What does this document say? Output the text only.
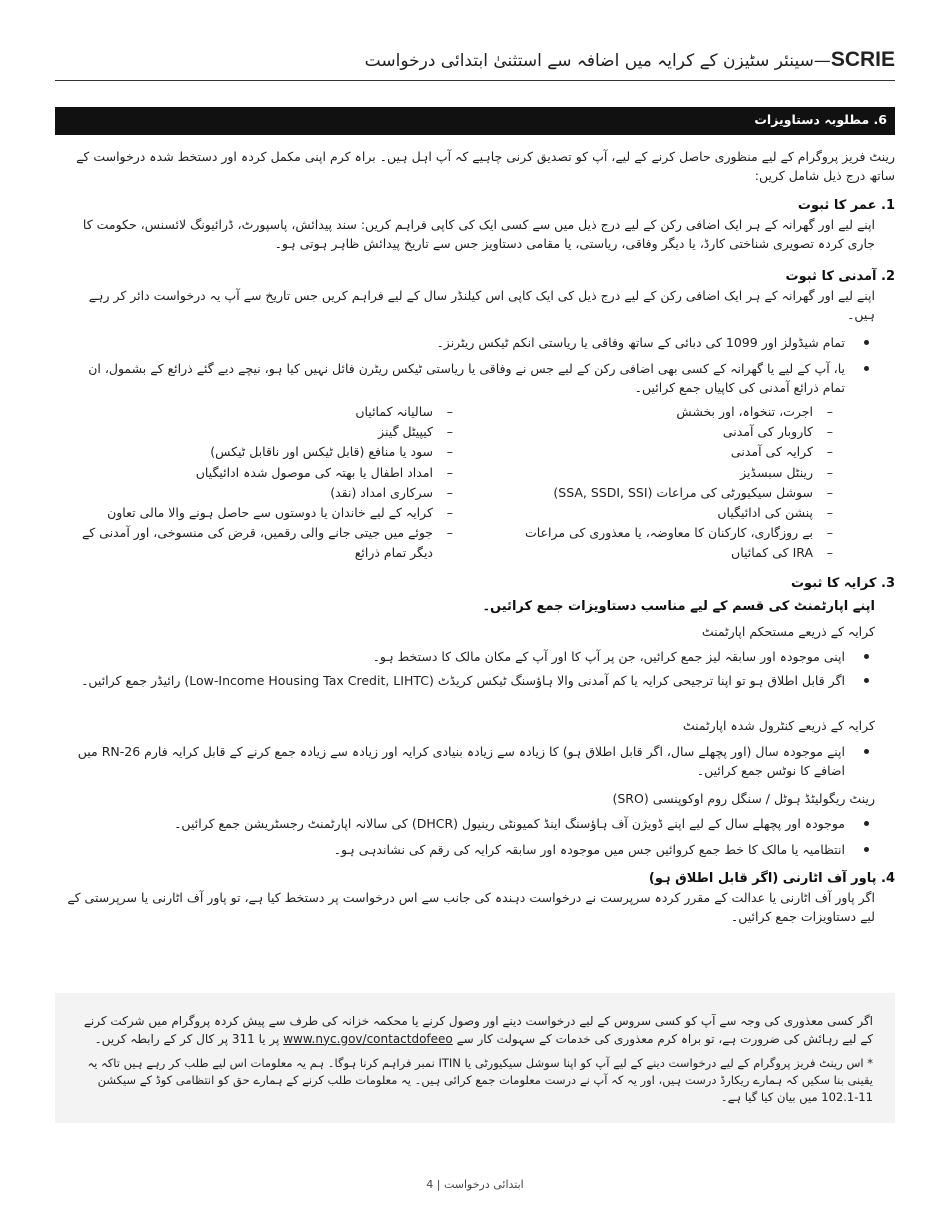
SCRIE—سینئر سٹیزن کے کرایہ میں اضافہ سے استثنیٰ ابتدائی درخواست
6. مطلوبہ دستاویزات
رینٹ فریز پروگرام کے لیے منظوری حاصل کرنے کے لیے، آپ کو تصدیق کرنی چاہیے کہ آپ اہل ہیں۔ براہ کرم اپنی مکمل کردہ اور دستخط شدہ درخواست کے ساتھ درج ذیل شامل کریں:
1. عمر کا ثبوت
اپنے لیے اور گھرانہ کے ہر ایک اضافی رکن کے لیے درج ذیل میں سے کسی ایک کی کاپی فراہم کریں: سند پیدائش، پاسپورٹ، ڈرائیونگ لائسنس، حکومت کا جاری کردہ تصویری شناختی کارڈ، یا دیگر وفاقی، ریاستی، یا مقامی دستاویز جس سے تاریخ پیدائش ظاہر ہوتی ہو۔
2. آمدنی کا ثبوت
اپنے لیے اور گھرانہ کے ہر ایک اضافی رکن کے لیے درج ذیل کی ایک کاپی اس کیلنڈر سال کے لیے فراہم کریں جس تاریخ سے آپ یہ درخواست دائر کر رہے ہیں۔
تمام شیڈولز اور 1099 کی دبائی کے ساتھ وفاقی یا ریاستی انکم ٹیکس ریٹرنز۔
یا، آپ کے لیے یا گھرانہ کے کسی بھی اضافی رکن کے لیے جس نے وفاقی یا ریاستی ٹیکس ریٹرن فائل نہیں کیا ہو، نیچے دیے گئے ذرائع کے بشمول، ان تمام ذرائع آمدنی کی کاپیاں جمع کرائیں۔
– اجرت، تنخواہ، اور بخشش
– کاروبار کی آمدنی
– کرایہ کی آمدنی
– رینٹل سبسڈیز
– سوشل سیکیورٹی کی مراعات (SSA, SSDI, SSI)
– پنشن کی ادائیگیاں
– بے روزگاری، کارکنان کا معاوضہ، یا معذوری کی مراعات
– IRA کی کمائیاں
– سالیانہ کمائیاں
– کیپیٹل گینز
– سود یا منافع (قابل ٹیکس اور ناقابل ٹیکس)
– امداد اطفال یا بھتہ کی موصول شدہ ادائیگیاں
– سرکاری امداد (نقد)
– کرایہ کے لیے خاندان یا دوستوں سے حاصل ہونے والا مالی تعاون
– جوئے میں جیتی جانے والی رقمیں، قرض کی منسوخی، اور آمدنی کے دیگر تمام ذرائع
3. کرایہ کا ثبوت
اپنے اپارٹمنٹ کی قسم کے لیے مناسب دستاویزات جمع کرائیں۔
کرایہ کے ذریعے مستحکم اپارٹمنٹ
اپنی موجودہ اور سابقہ لیز جمع کرائیں، جن پر آپ کا اور آپ کے مکان مالک کا دستخط ہو۔
اگر قابل اطلاق ہو تو اپنا ترجیحی کرایہ یا کم آمدنی والا ہاؤسنگ ٹیکس کریڈٹ (Low-Income Housing Tax Credit, LIHTC) رائیڈر جمع کرائیں۔
کرایہ کے ذریعے کنٹرول شدہ اپارٹمنٹ
اپنے موجودہ سال (اور پچھلے سال، اگر قابل اطلاق ہو) کا زیادہ سے زیادہ بنیادی کرایہ اور زیادہ سے زیادہ جمع کرنے کے قابل کرایہ فارم RN-26 میں اضافے کا نوٹس جمع کرائیں۔
رینٹ ریگولیٹڈ ہوٹل / سنگل روم اوکوپنسی (SRO)
موجودہ اور پچھلے سال کے لیے اپنے ڈویژن آف ہاؤسنگ اینڈ کمیونٹی رینیول (DHCR) کی سالانہ اپارٹمنٹ رجسٹریشن جمع کرائیں۔
انتظامیہ یا مالک کا خط جمع کروائیں جس میں موجودہ اور سابقہ کرایہ کی رقم کی نشاندہی ہو۔
4. پاور آف اٹارنی (اگر قابل اطلاق ہو)
اگر پاور آف اٹارنی یا عدالت کے مقرر کردہ سرپرست نے درخواست دہندہ کی جانب سے اس درخواست پر دستخط کیا ہے، تو پاور آف اٹارنی یا سرپرستی کے لیے دستاویزات جمع کرائیں۔
اگر کسی معذوری کی وجہ سے آپ کو کسی سروس کے لیے درخواست دینے اور وصول کرنے یا محکمہ خزانہ کی طرف سے پیش کردہ پروگرام میں شرکت کرنے کے لیے رہائش کی ضرورت ہے، تو براہ کرم معذوری کی خدمات کے سہولت کار سے www.nyc.gov/contactdofeeo پر یا 311 پر کال کر کے رابطہ کریں۔
* اس رینٹ فریز پروگرام کے لیے درخواست دینے کے لیے آپ کو اپنا سوشل سیکیورٹی یا ITIN نمبر فراہم کرنا ہوگا۔ ہم یہ معلومات اس لیے طلب کر رہے ہیں تاکہ یہ یقینی بنا سکیں کہ ہمارے ریکارڈ درست ہیں، اور یہ کہ آپ نے درست معلومات جمع کرائی ہیں۔ یہ معلومات طلب کرنے کے ہمارے حق کو انتظامی کوڈ کے سیکشن 11-102.1 میں بیان کیا گیا ہے۔
4 | ابتدائی درخواست
